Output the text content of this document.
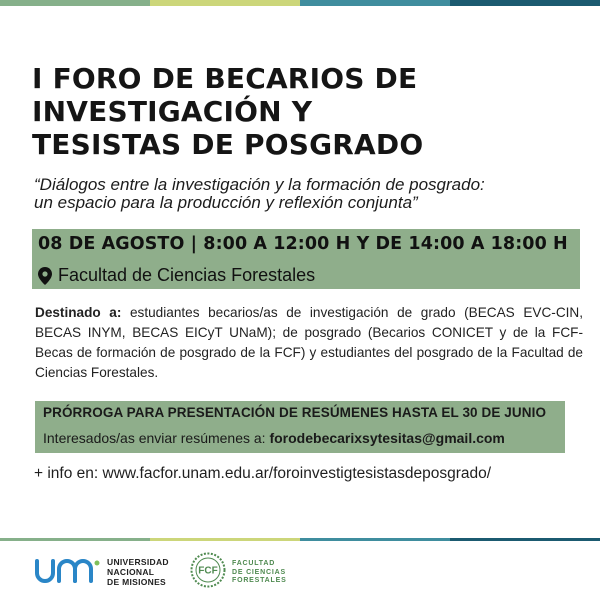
I FORO DE BECARIOS DE
INVESTIGACIÓN Y
TESISTAS DE POSGRADO
“Diálogos entre la investigación y la formación de posgrado:
un espacio para la producción y reflexión conjunta”
08 DE AGOSTO | 8:00 A 12:00 H Y DE 14:00 A 18:00 H
Facultad de Ciencias Forestales
Destinado a: estudiantes becarios/as de investigación de grado (BECAS EVC-CIN, BECAS INYM, BECAS EICyT UNaM); de posgrado (Becarios CONICET y de la FCF-Becas de formación de posgrado de la FCF) y estudiantes del posgrado de la Facultad de Ciencias Forestales.
PRÓRROGA PARA PRESENTACIÓN DE RESÚMENES HASTA EL 30 DE JUNIO
Interesados/as enviar resúmenes a: forodebecarixsytesitas@gmail.com
+ info en: www.facfor.unam.edu.ar/foroinvestigtesistasdeposgrado/
UNIVERSIDAD
NACIONAL
DE MISIONES
FCF
FACULTAD
DE CIENCIAS
FORESTALES
